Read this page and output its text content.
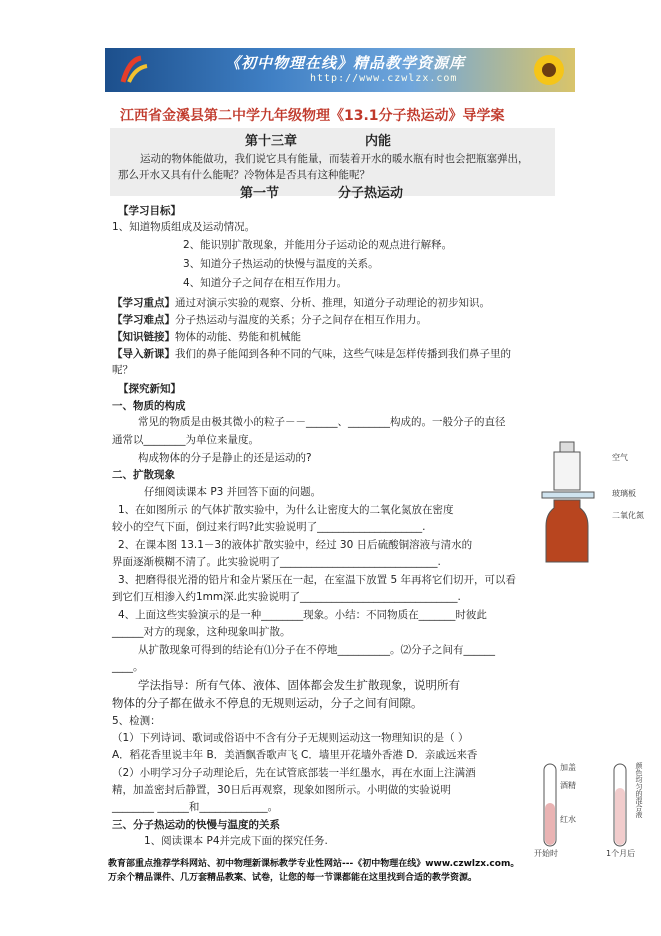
《初中物理在线》精品教学资源库
http://www.czwlzx.com
江西省金溪县第二中学九年级物理《13.1分子热运动》导学案
第十三章	内能
运动的物体能做功，我们说它具有能量，而装着开水的暖水瓶有时也会把瓶塞弹出，
那么开水又具有什么能呢？冷物体是否具有这种能呢？
第一节	分子热运动
【学习目标】
1、知道物质组成及运动情况。
2、能识别扩散现象，并能用分子运动论的观点进行解释。
3、知道分子热运动的快慢与温度的关系。
4、知道分子之间存在相互作用力。
【学习重点】通过对演示实验的观察、分析、推理，知道分子动理论的初步知识。
【学习难点】分子热运动与温度的关系；分子之间存在相互作用力。
【知识链接】物体的动能、势能和机械能
【导入新课】我们的鼻子能闻到各种不同的气味，这些气味是怎样传播到我们鼻子里的
呢？
【探究新知】
一、物质的构成
常见的物质是由极其微小的粒子－－______、________构成的。一般分子的直径
通常以________为单位来量度。
构成物体的分子是静止的还是运动的?	空气
玻璃板
二氧化氮
二、扩散现象
仔细阅读课本 P3 并回答下面的问题。
1、在如图所示 的气体扩散实验中，为什么让密度大的二氧化氮放在密度
较小的空气下面，倒过来行吗?此实验说明了____________________.
2、在课本图 13.1－3的液体扩散实验中，经过 30 日后硫酸铜溶液与清水的
界面逐渐模糊不清了。此实验说明了______________________________.
3、把磨得很光滑的铅片和金片紧压在一起，在室温下放置 5 年再将它们切开，可以看
到它们互相渗入约1mm深.此实验说明了______________________________.
4、上面这些实验演示的是一种________现象。小结：不同物质在_______时彼此
______对方的现象，这种现象叫扩散。
从扩散现象可得到的结论有⑴分子在不停地__________。⑵分子之间有______
____。
学法指导：所有气体、液体、固体都会发生扩散现象，说明所有
物体的分子都在做永不停息的无规则运动，分子之间有间隙。
5、检测：
（1）下列诗词、歌词或俗语中不含有分子无规则运动这一物理知识的是（ ）
A．稻花香里说丰年 B．美酒飘香歌声飞 C．墙里开花墙外香港 D．亲戚远来香
（2）小明学习分子动理论后，先在试管底部装一半红墨水，再在水面上注满酒
精，加盖密封后静置，30日后再观察，现象如图所示。小明做的实验说明
________ ______和_____________。
加盖
酒精
红水
颜色均匀的混合液
开始时	1个月后
三、分子热运动的快慢与温度的关系
1、阅读课本 P4并完成下面的探究任务.
教育部重点推荐学科网站、初中物理新课标教学专业性网站---《初中物理在线》www.czwlzx.com。
万余个精品课件、几万套精品教案、试卷，让您的每一节课都能在这里找到合适的教学资源。
